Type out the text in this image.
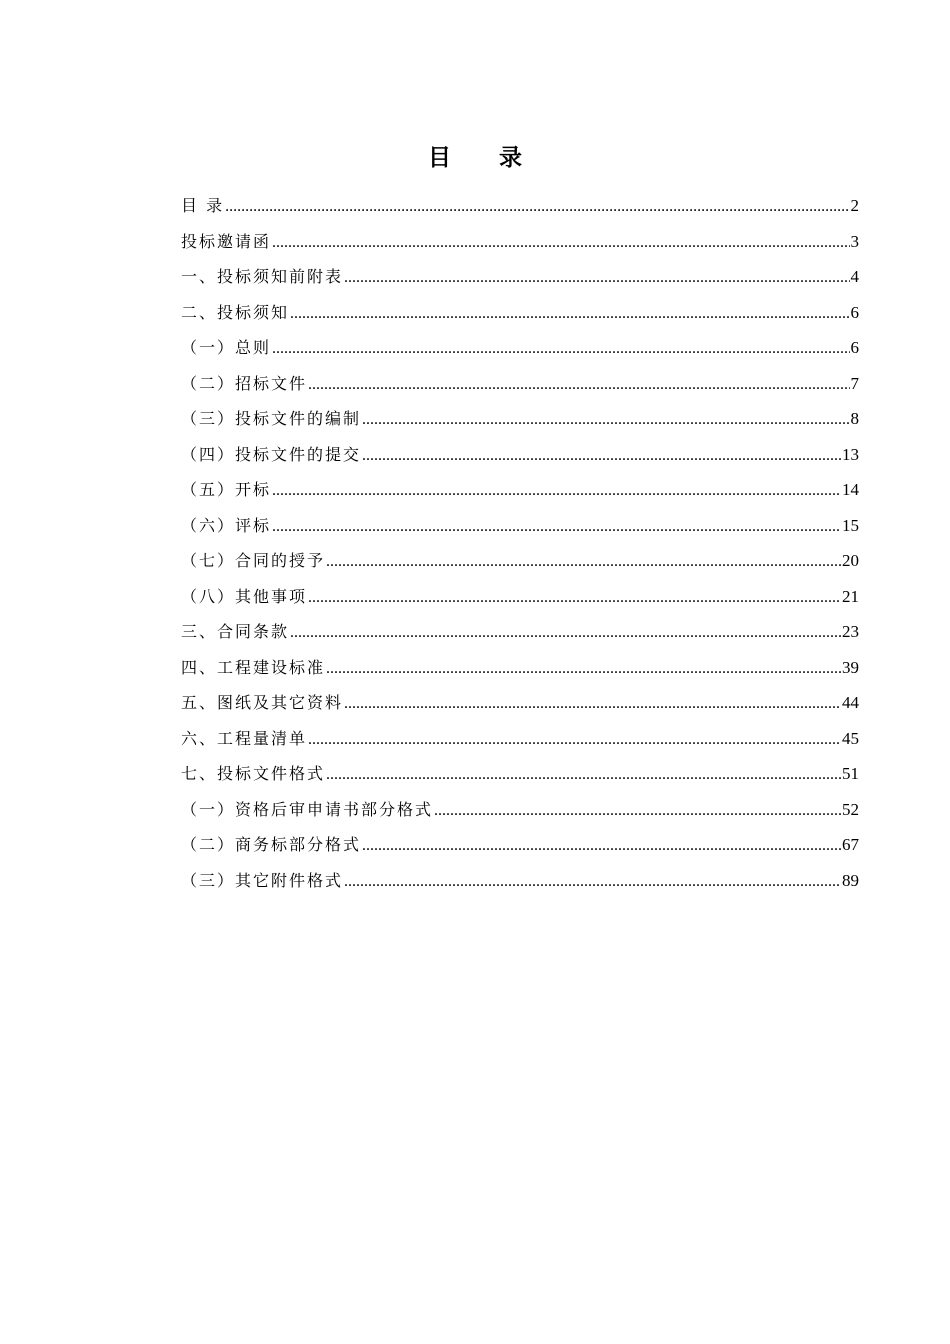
目 录
目 录 .....	2
投标邀请函 .....	3
一、投标须知前附表 .....	4
二、投标须知 .....	6
（一）总则 .....	6
（二）招标文件 .....	7
（三）投标文件的编制 .....	8
（四）投标文件的提交 .....	13
（五）开标 .....	14
（六）评标 .....	15
（七）合同的授予 .....	20
（八）其他事项 .....	21
三、合同条款 .....	23
四、工程建设标准 .....	39
五、图纸及其它资料 .....	44
六、工程量清单 .....	45
七、投标文件格式 .....	51
（一）资格后审申请书部分格式 .....	52
（二）商务标部分格式 .....	67
（三）其它附件格式 .....	89
